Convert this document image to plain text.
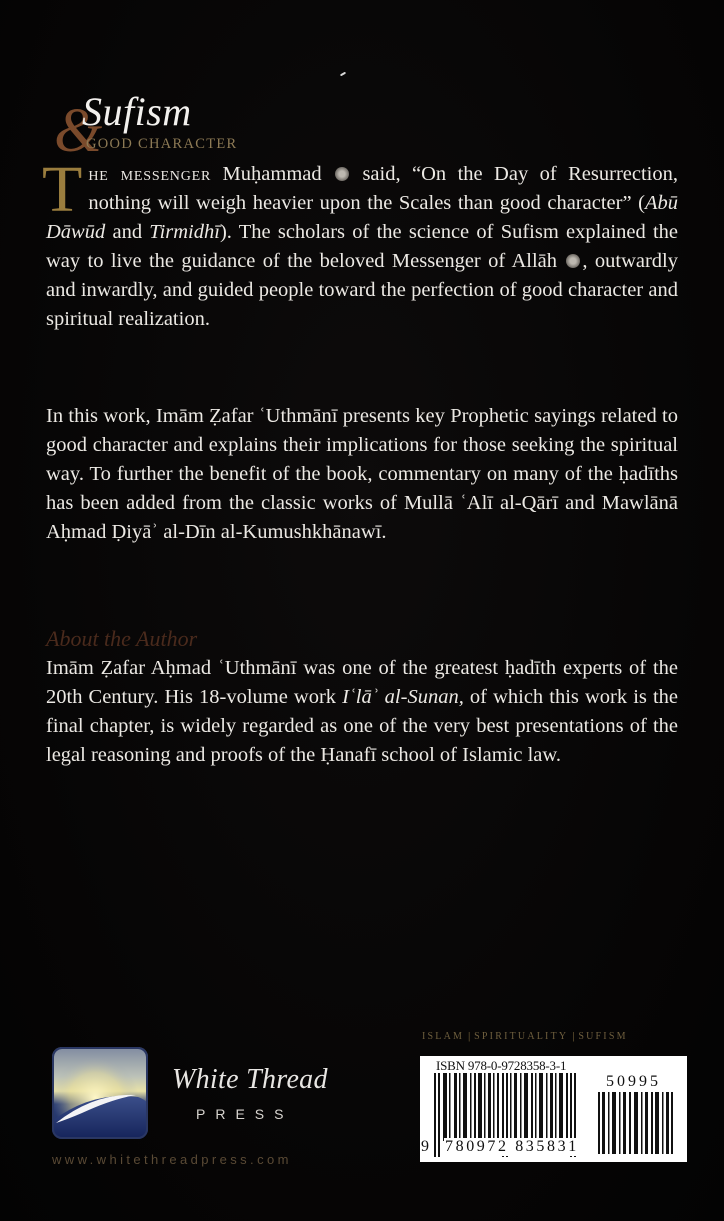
&
Sufism
GOOD CHARACTER
The messenger Muḥammad  said, “On the Day of Resurrection, nothing will weigh heavier upon the Scales than good character” (Abū Dāwūd and Tirmidhī). The scholars of the science of Sufism explained the way to live the guidance of the beloved Messenger of Allāh , outwardly and inwardly, and guided people toward the perfection of good character and spiritual realization.
In this work, Imām Ẓafar ʿUthmānī presents key Prophetic sayings related to good character and explains their implications for those seeking the spiritual way. To further the benefit of the book, commentary on many of the ḥadīths has been added from the classic works of Mullā ʿAlī al-Qārī and Mawlānā Aḥmad Ḍiyāʾ al-Dīn al-Kumushkhānawī.
About the Author
Imām Ẓafar Aḥmad ʿUthmānī was one of the greatest ḥadīth experts of the 20th Century. His 18-volume work Iʿlāʾ al-Sunan, of which this work is the final chapter, is widely regarded as one of the very best presentations of the legal reasoning and proofs of the Ḥanafī school of Islamic law.
White Thread
PRESS
www.whitethreadpress.com
ISLAM | SPIRITUALITY | SUFISM
ISBN 978-0-9728358-3-1
50995
9 780972 835831
